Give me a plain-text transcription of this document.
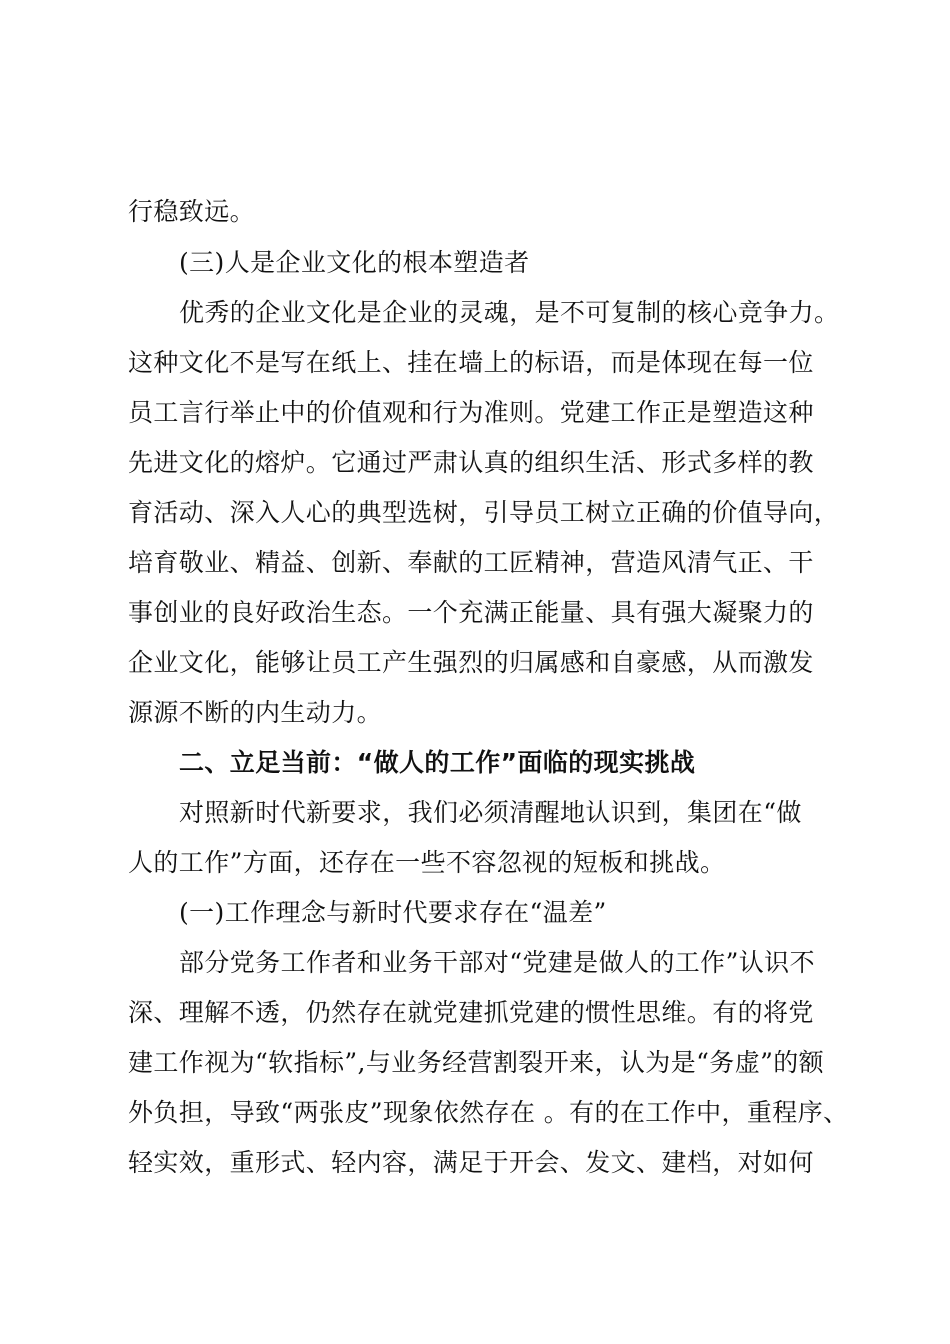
行稳致远。
(三)人是企业文化的根本塑造者
优秀的企业文化是企业的灵魂，是不可复制的核心竞争力。
这种文化不是写在纸上、挂在墙上的标语，而是体现在每一位
员工言行举止中的价值观和行为准则。党建工作正是塑造这种
先进文化的熔炉。它通过严肃认真的组织生活、形式多样的教
育活动、深入人心的典型选树，引导员工树立正确的价值导向，
培育敬业、精益、创新、奉献的工匠精神，营造风清气正、干
事创业的良好政治生态。一个充满正能量、具有强大凝聚力的
企业文化，能够让员工产生强烈的归属感和自豪感，从而激发
源源不断的内生动力。
二、立足当前：“做人的工作”面临的现实挑战
对照新时代新要求，我们必须清醒地认识到，集团在“做
人的工作”方面，还存在一些不容忽视的短板和挑战。
(一)工作理念与新时代要求存在“温差”
部分党务工作者和业务干部对“党建是做人的工作”认识不
深、理解不透，仍然存在就党建抓党建的惯性思维。有的将党
建工作视为“软指标”,与业务经营割裂开来，认为是“务虚”的额
外负担，导致“两张皮”现象依然存在 。有的在工作中，重程序、
轻实效，重形式、轻内容，满足于开会、发文、建档，对如何
